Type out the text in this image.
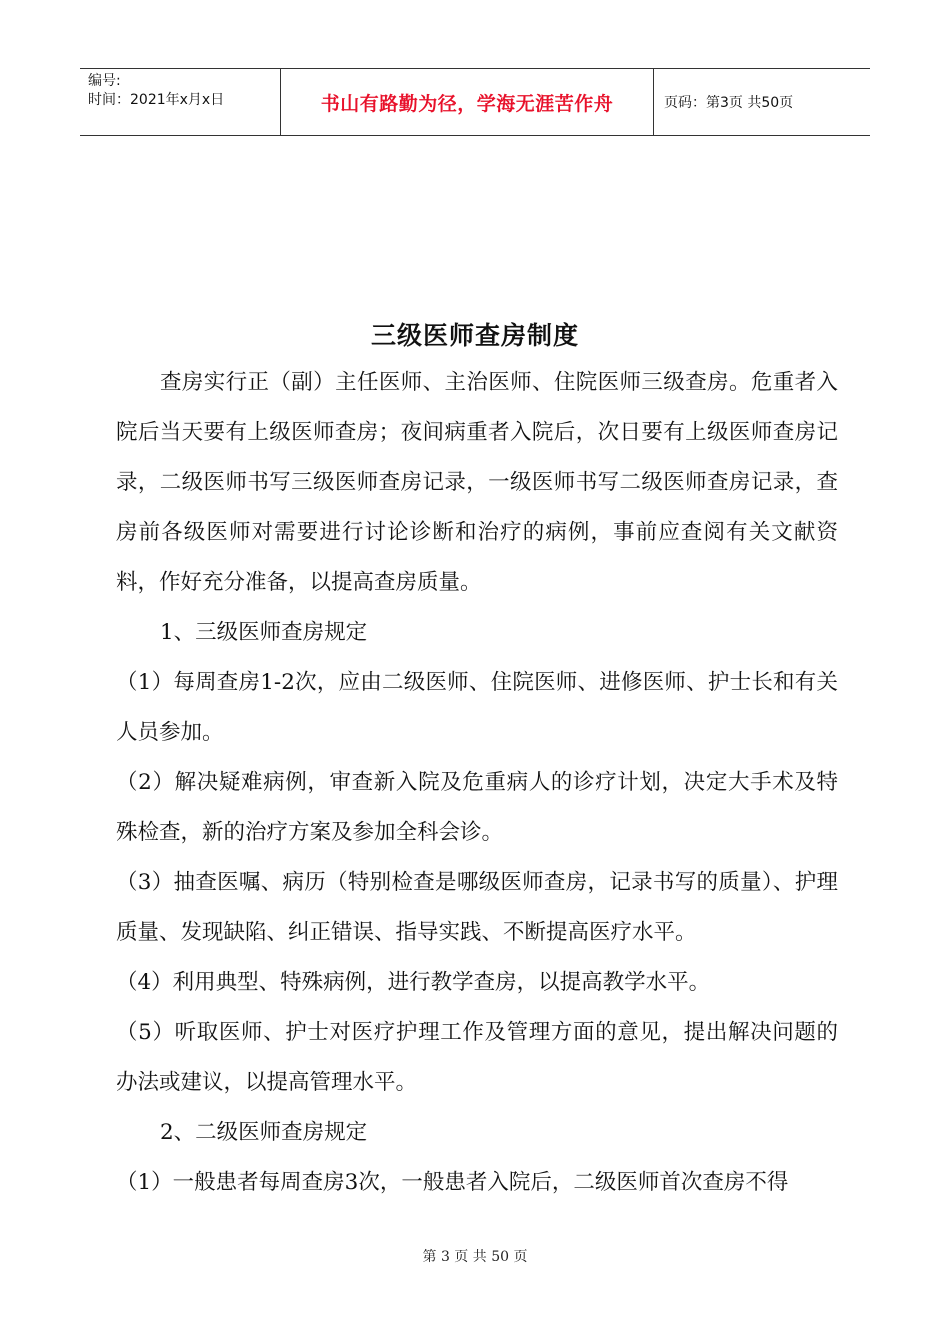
编号:
时间：2021年x月x日	书山有路勤为径，学海无涯苦作舟	页码：第3页 共50页
三级医师查房制度

查房实行正（副）主任医师、主治医师、住院医师三级查房。危重者入院后当天要有上级医师查房；夜间病重者入院后，次日要有上级医师查房记录，二级医师书写三级医师查房记录，一级医师书写二级医师查房记录，查房前各级医师对需要进行讨论诊断和治疗的病例，事前应查阅有关文献资料，作好充分准备，以提高查房质量。

1、三级医师查房规定

（1）每周查房1-2次，应由二级医师、住院医师、进修医师、护士长和有关人员参加。

（2）解决疑难病例，审查新入院及危重病人的诊疗计划，决定大手术及特殊检查，新的治疗方案及参加全科会诊。

（3）抽查医嘱、病历（特别检查是哪级医师查房，记录书写的质量）、护理质量、发现缺陷、纠正错误、指导实践、不断提高医疗水平。

（4）利用典型、特殊病例，进行教学查房，以提高教学水平。

（5）听取医师、护士对医疗护理工作及管理方面的意见，提出解决问题的办法或建议，以提高管理水平。

2、二级医师查房规定

（1）一般患者每周查房3次，一般患者入院后，二级医师首次查房不得

第 3 页 共 50 页
